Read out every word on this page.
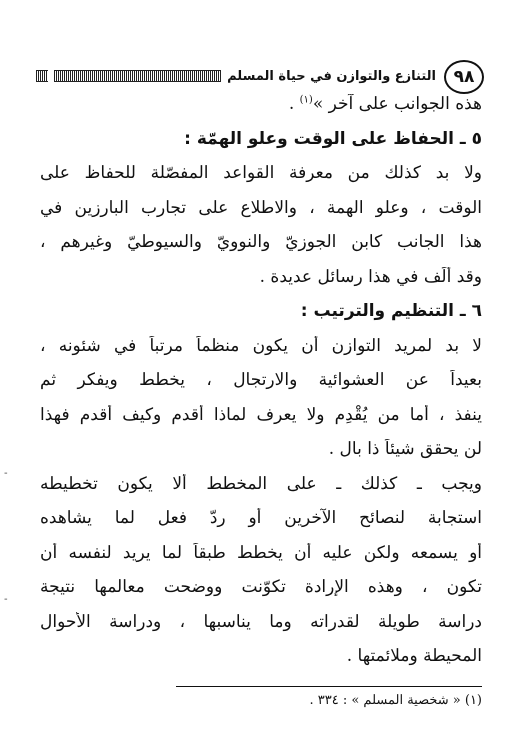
التنازع والتوازن في حياة المسلم	٩٨
هذه الجوانب على آخر »$^{(١)}$ .
٥ ـ الحفاظ على الوقت وعلو الهمّة :
ولا بد كذلك من معرفة القواعد المفصّلة للحفاظ على
الوقت ، وعلو الهمة ، والاطلاع على تجارب البارزين في
هذا الجانب كابن الجوزيّ والنوويّ والسيوطيّ وغيرهم ،
وقد أُلِّف في هذا رسائل عديدة .
٦ ـ التنظيم والترتيب :
لا بد لمريد التوازن أن يكون منظماً مرتباً في شئونه ،
بعيداً عن العشوائية والارتجال ، يخطط ويفكر ثم
ينفذ ، أما من يُقْدِم ولا يعرف لماذا أقدم وكيف أقدم فهذا
لن يحقق شيئاً ذا بال .
ويجب ـ كذلك ـ على المخطط ألا يكون تخطيطه
استجابة لنصائح الآخرين أو ردّ فعل لما يشاهده
أو يسمعه ولكن عليه أن يخطط طبقاً لما يريد لنفسه أن
تكون ، وهذه الإرادة تكوّنت ووضحت معالمها نتيجة
دراسة طويلة لقدراته وما يناسبها ، ودراسة الأحوال
المحيطة وملائمتها .
(١) « شخصية المسلم » : ٣٣٤ .
‐
‐
